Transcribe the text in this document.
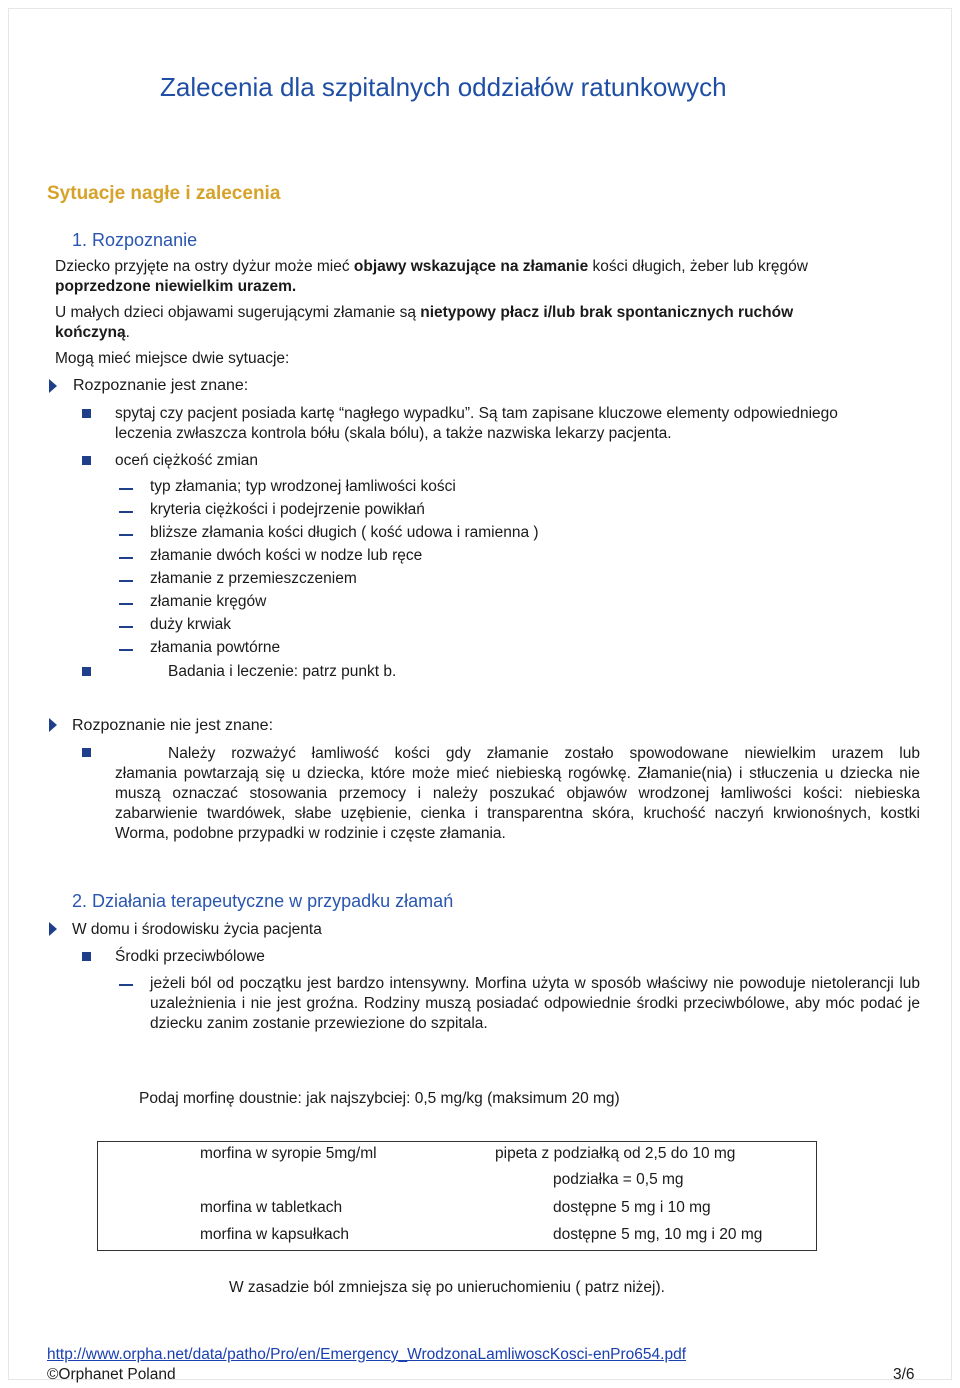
Zalecenia dla szpitalnych oddziałów ratunkowych
Sytuacje nagłe i zalecenia
1. Rozpoznanie
Dziecko przyjęte na ostry dyżur może mieć objawy wskazujące na złamanie kości długich, żeber lub kręgów
poprzedzone niewielkim urazem.
U małych dzieci objawami sugerującymi złamanie są nietypowy płacz i/lub brak spontanicznych ruchów
kończyną.
Mogą mieć miejsce dwie sytuacje:
Rozpoznanie jest znane:
spytaj czy pacjent posiada kartę “nagłego wypadku”. Są tam zapisane kluczowe elementy odpowiedniego
leczenia zwłaszcza kontrola bółu (skala bólu), a także nazwiska lekarzy pacjenta.
oceń ciężkość zmian
typ złamania; typ wrodzonej łamliwości kości
kryteria ciężkości i podejrzenie powikłań
bliższe złamania kości długich ( kość udowa i ramienna )
złamanie dwóch kości w nodze lub ręce
złamanie z przemieszczeniem
złamanie kręgów
duży krwiak
złamania powtórne
Badania i leczenie: patrz punkt b.
Rozpoznanie nie jest znane:
Należy rozważyć łamliwość kości gdy złamanie zostało spowodowane niewielkim urazem lub
złamania powtarzają się u dziecka, które może mieć niebieską rogówkę. Złamanie(nia) i stłuczenia u dziecka nie muszą oznaczać stosowania przemocy i należy poszukać objawów wrodzonej łamliwości kości: niebieska zabarwienie twardówek, słabe uzębienie, cienka i transparentna skóra, kruchość naczyń krwionośnych, kostki Worma, podobne przypadki w rodzinie i częste złamania.
2. Działania terapeutyczne w przypadku złamań
W domu i środowisku życia pacjenta
Środki przeciwbólowe
jeżeli ból od początku jest bardzo intensywny. Morfina użyta w sposób właściwy nie powoduje nietolerancji lub uzależnienia i nie jest groźna. Rodziny muszą posiadać odpowiednie środki przeciwbólowe, aby móc podać je dziecku zanim zostanie przewiezione do szpitala.
Podaj morfinę doustnie: jak najszybciej: 0,5 mg/kg (maksimum 20 mg)
morfina w syropie 5mg/ml	pipeta z podziałką od 2,5 do 10 mg
podziałka = 0,5 mg
morfina w tabletkach	dostępne 5 mg i 10 mg
morfina w kapsułkach	dostępne 5 mg, 10 mg i 20 mg
W zasadzie ból zmniejsza się po unieruchomieniu ( patrz niżej).
http://www.orpha.net/data/patho/Pro/en/Emergency_WrodzonaLamliwoscKosci-enPro654.pdf
©Orphanet Poland	3/6
